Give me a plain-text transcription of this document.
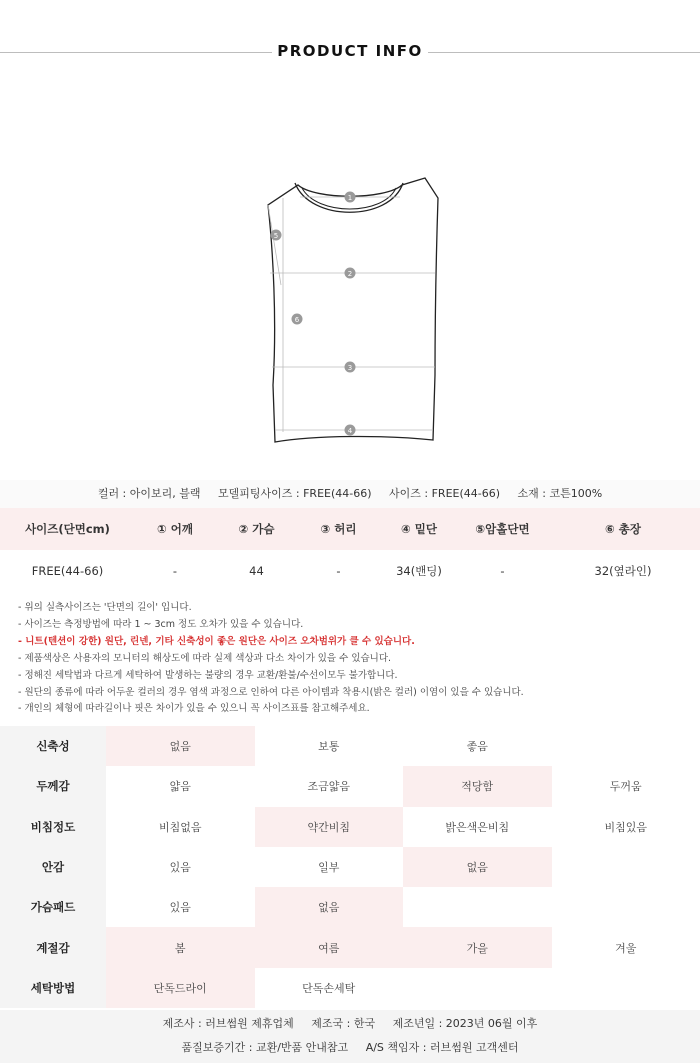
PRODUCT INFO
1
2
3
4
5
6
컬러 : 아이보리, 블랙 모델피팅사이즈 : FREE(44-66) 사이즈 : FREE(44-66) 소재 : 코튼100%
사이즈(단면cm)	① 어깨	② 가슴	③ 허리	④ 밑단	⑤암홀단면	⑥ 총장
FREE(44-66)	-	44	-	34(밴딩)	-	32(옆라인)
- 위의 실측사이즈는 '단면의 길이' 입니다.
- 사이즈는 측정방법에 따라 1 ~ 3cm 정도 오차가 있을 수 있습니다.
- 니트(텐션이 강한) 원단, 린넨, 기타 신축성이 좋은 원단은 사이즈 오차범위가 클 수 있습니다.
- 제품색상은 사용자의 모니터의 해상도에 따라 실제 색상과 다소 차이가 있을 수 있습니다.
- 정해진 세탁법과 다르게 세탁하여 발생하는 불량의 경우 교환/환불/수선이모두 불가합니다.
- 원단의 종류에 따라 어두운 컬러의 경우 염색 과정으로 인하여 다른 아이템과 착용시(밝은 컬러) 이염이 있을 수 있습니다.
- 개인의 체형에 따라길이나 핏은 차이가 있을 수 있으니 꼭 사이즈표를 참고해주세요.
신축성	없음	보통	좋음
두께감	얇음	조금얇음	적당함	두꺼움
비침정도	비침없음	약간비침	밝은색은비침	비침있음
안감	있음	일부	없음
가슴패드	있음	없음
계절감	봄	여름	가을	겨울
세탁방법	단독드라이	단독손세탁
제조사 : 러브썸원 제휴업체 제조국 : 한국 제조년일 : 2023년 06월 이후
품질보증기간 : 교환/반품 안내참고 A/S 책임자 : 러브썸원 고객센터
